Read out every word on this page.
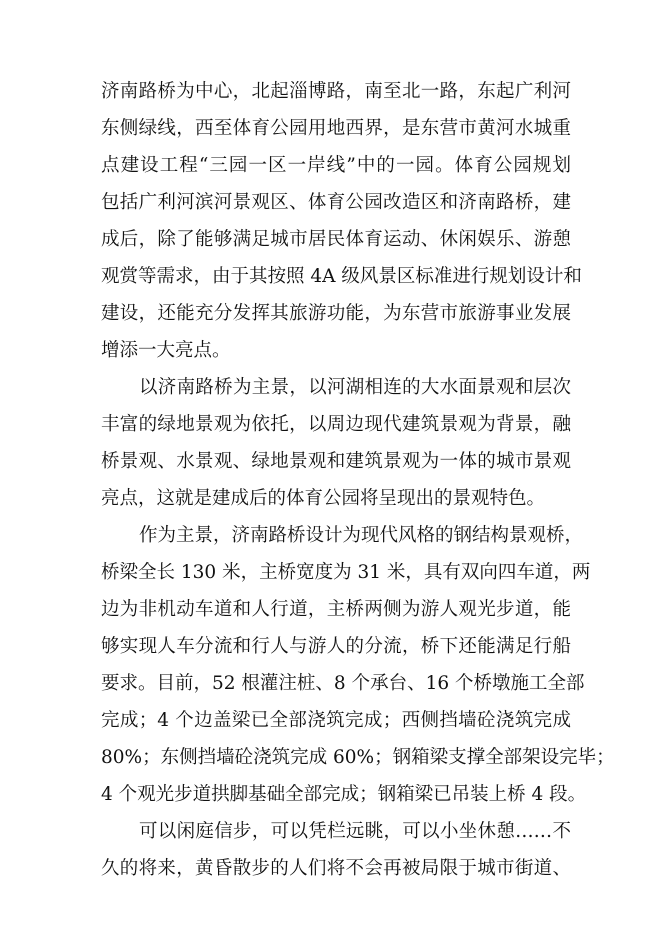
济南路桥为中心，北起淄博路，南至北一路，东起广利河
东侧绿线，西至体育公园用地西界，是东营市黄河水城重
点建设工程“三园一区一岸线”中的一园。体育公园规划
包括广利河滨河景观区、体育公园改造区和济南路桥，建
成后，除了能够满足城市居民体育运动、休闲娱乐、游憩
观赏等需求，由于其按照 4A 级风景区标准进行规划设计和
建设，还能充分发挥其旅游功能，为东营市旅游事业发展
增添一大亮点。
以济南路桥为主景，以河湖相连的大水面景观和层次
丰富的绿地景观为依托，以周边现代建筑景观为背景，融
桥景观、水景观、绿地景观和建筑景观为一体的城市景观
亮点，这就是建成后的体育公园将呈现出的景观特色。
作为主景，济南路桥设计为现代风格的钢结构景观桥，
桥梁全长 130 米，主桥宽度为 31 米，具有双向四车道，两
边为非机动车道和人行道，主桥两侧为游人观光步道，能
够实现人车分流和行人与游人的分流，桥下还能满足行船
要求。目前，52 根灌注桩、8 个承台、16 个桥墩施工全部
完成；4 个边盖梁已全部浇筑完成；西侧挡墙砼浇筑完成
80%；东侧挡墙砼浇筑完成 60%；钢箱梁支撑全部架设完毕；
4 个观光步道拱脚基础全部完成；钢箱梁已吊装上桥 4 段。
可以闲庭信步，可以凭栏远眺，可以小坐休憩……不
久的将来，黄昏散步的人们将不会再被局限于城市街道、
